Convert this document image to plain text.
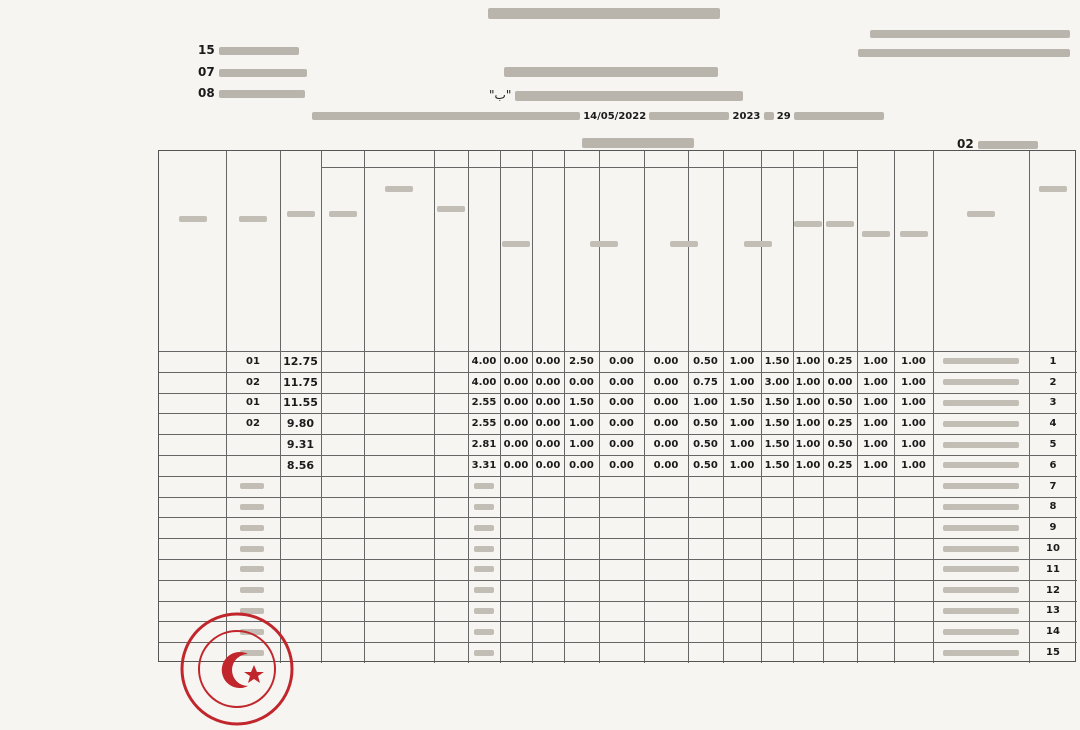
15
07
08	"ب"
14/05/2022	2023 29
02
1
2
3
4
5
6
7
8
9
10
11
12
13
14
15
1.00
1.00
0.25
1.00
1.50
1.00
0.50
0.00
0.00
2.50
0.00
0.00
4.00
12.75
01
1.00
1.00
0.00
1.00
3.00
1.00
0.75
0.00
0.00
0.00
0.00
0.00
4.00
11.75
02
1.00
1.00
0.50
1.00
1.50
1.50
1.00
0.00
0.00
1.50
0.00
0.00
2.55
11.55
01
1.00
1.00
0.25
1.00
1.50
1.00
0.50
0.00
0.00
1.00
0.00
0.00
2.55
9.80
02
1.00
1.00
0.50
1.00
1.50
1.00
0.50
0.00
0.00
1.00
0.00
0.00
2.81
9.31
1.00
1.00
0.25
1.00
1.50
1.00
0.50
0.00
0.00
0.00
0.00
0.00
3.31
8.56
